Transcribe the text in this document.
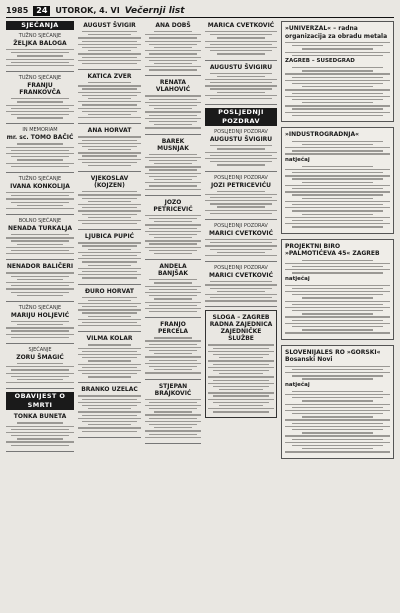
1985	24	UTOROK, 4. VI Večernji list
SJEĆANJA
TUŽNO SJEĆANJE
ŽELJKA BALOGA
TUŽNO SJEĆANJE
FRANJU FRANKOVČA
IN MEMORIAM
mr. sc. TOMO BAČIĆ
TUŽNO SJEĆANJE
IVANA KONKOLIJA
BOLNO SJEĆANJE
NENADA TURKALJA
NENADOR BALIČERI
TUŽNO SJEĆANJE
MARIJU HOLJEVIĆ
SJEĆANJE
ZORU ŠMAGIĆ
OBAVIJEST O SMRTI
TONKA BUNETA
AUGUST ŠVIGIR
KATICA ZVER
ANA HORVAT
VJEKOSLAV (KOJZEN)
LJUBICA PUPIĆ
ĐURO HORVAT
VILMA KOLAR
BRANKO UZELAC
ANA DOBŠ
RENATA VLAHOVIĆ
BAREK MUSNJAK
JOZO PETRICEVIĆ
ANDELA BANJŠAK
FRANJO PERCELA
STJEPAN BRAJKOVIĆ
MARICA CVETKOVIĆ
AUGUSTU ŠVIGIRU
POSLJEDNJI POZDRAV
POSLJEDNJI POZDRAV
AUGUSTU ŠVIGIRU
POSLJEDNJI POZDRAV
JOZI PETRICEVIĆU
POSLJEDNJI POZDRAV
MARICI CVETKOVIĆ
POSLJEDNJI POZDRAV
MARICI CVETKOVIĆ
SLOGA – ZAGREB RADNA ZAJEDNICA ZAJEDNIČKE SLUŽBE
»UNIVERZAL« – radna organizacija za obradu metala
ZAGREB – SUSEDGRAD
»INDUSTROGRADNJA«
natječaj
PROJEKTNI BIRO »PALMOTIĆEVA 45« ZAGREB
natječaj
SLOVENIJALES RO »GORSKI« Bosanski Novi
natječaj
